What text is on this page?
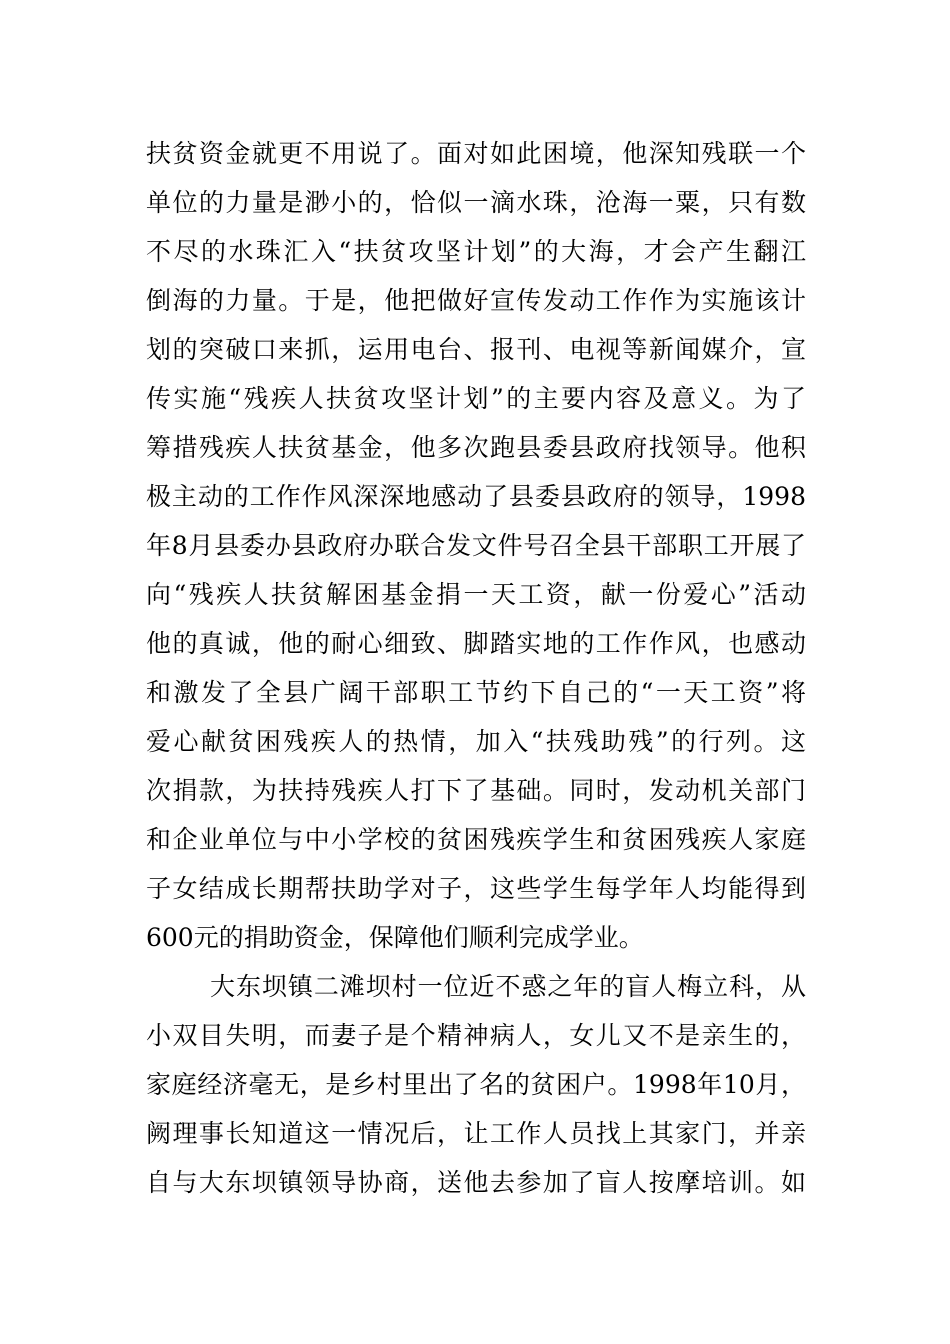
扶贫资金就更不用说了。面对如此困境，他深知残联一个
单位的力量是渺小的，恰似一滴水珠，沧海一粟，只有数
不尽的水珠汇入“扶贫攻坚计划”的大海，才会产生翻江
倒海的力量。于是，他把做好宣传发动工作作为实施该计
划的突破口来抓，运用电台、报刊、电视等新闻媒介，宣
传实施“残疾人扶贫攻坚计划”的主要内容及意义。为了
筹措残疾人扶贫基金，他多次跑县委县政府找领导。他积
极主动的工作作风深深地感动了县委县政府的领导，1998
年8月县委办县政府办联合发文件号召全县干部职工开展了
向“残疾人扶贫解困基金捐一天工资，献一份爱心”活动
他的真诚，他的耐心细致、脚踏实地的工作作风，也感动
和激发了全县广阔干部职工节约下自己的“一天工资”将
爱心献贫困残疾人的热情，加入“扶残助残”的行列。这
次捐款，为扶持残疾人打下了基础。同时，发动机关部门
和企业单位与中小学校的贫困残疾学生和贫困残疾人家庭
子女结成长期帮扶助学对子，这些学生每学年人均能得到
600元的捐助资金，保障他们顺利完成学业。
大东坝镇二滩坝村一位近不惑之年的盲人梅立科，从
小双目失明，而妻子是个精神病人，女儿又不是亲生的，
家庭经济毫无，是乡村里出了名的贫困户。1998年10月，
阙理事长知道这一情况后，让工作人员找上其家门，并亲
自与大东坝镇领导协商，送他去参加了盲人按摩培训。如
